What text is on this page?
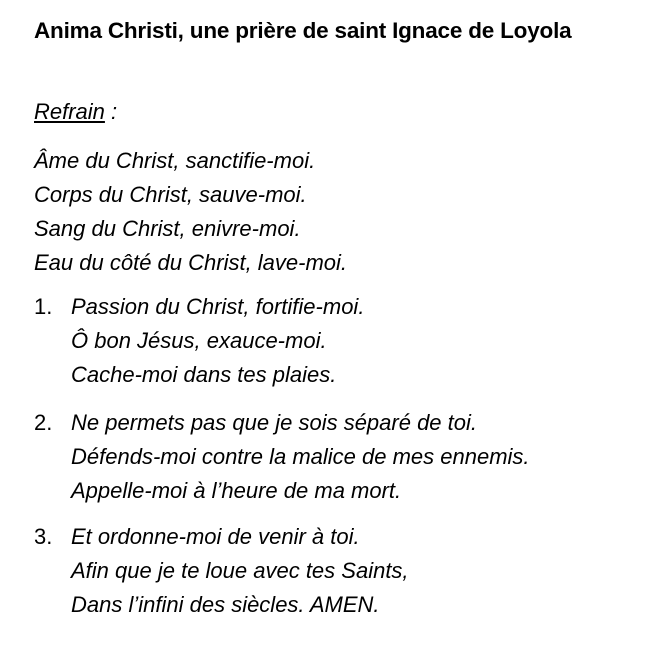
Anima Christi, une prière de saint Ignace de Loyola
Refrain :
Âme du Christ, sanctifie-moi.
Corps du Christ, sauve-moi.
Sang du Christ, enivre-moi.
Eau du côté du Christ, lave-moi.
1. Passion du Christ, fortifie-moi.
Ô bon Jésus, exauce-moi.
Cache-moi dans tes plaies.
2. Ne permets pas que je sois séparé de toi.
Défends-moi contre la malice de mes ennemis.
Appelle-moi à l’heure de ma mort.
3. Et ordonne-moi de venir à toi.
Afin que je te loue avec tes Saints,
Dans l’infini des siècles. AMEN.
